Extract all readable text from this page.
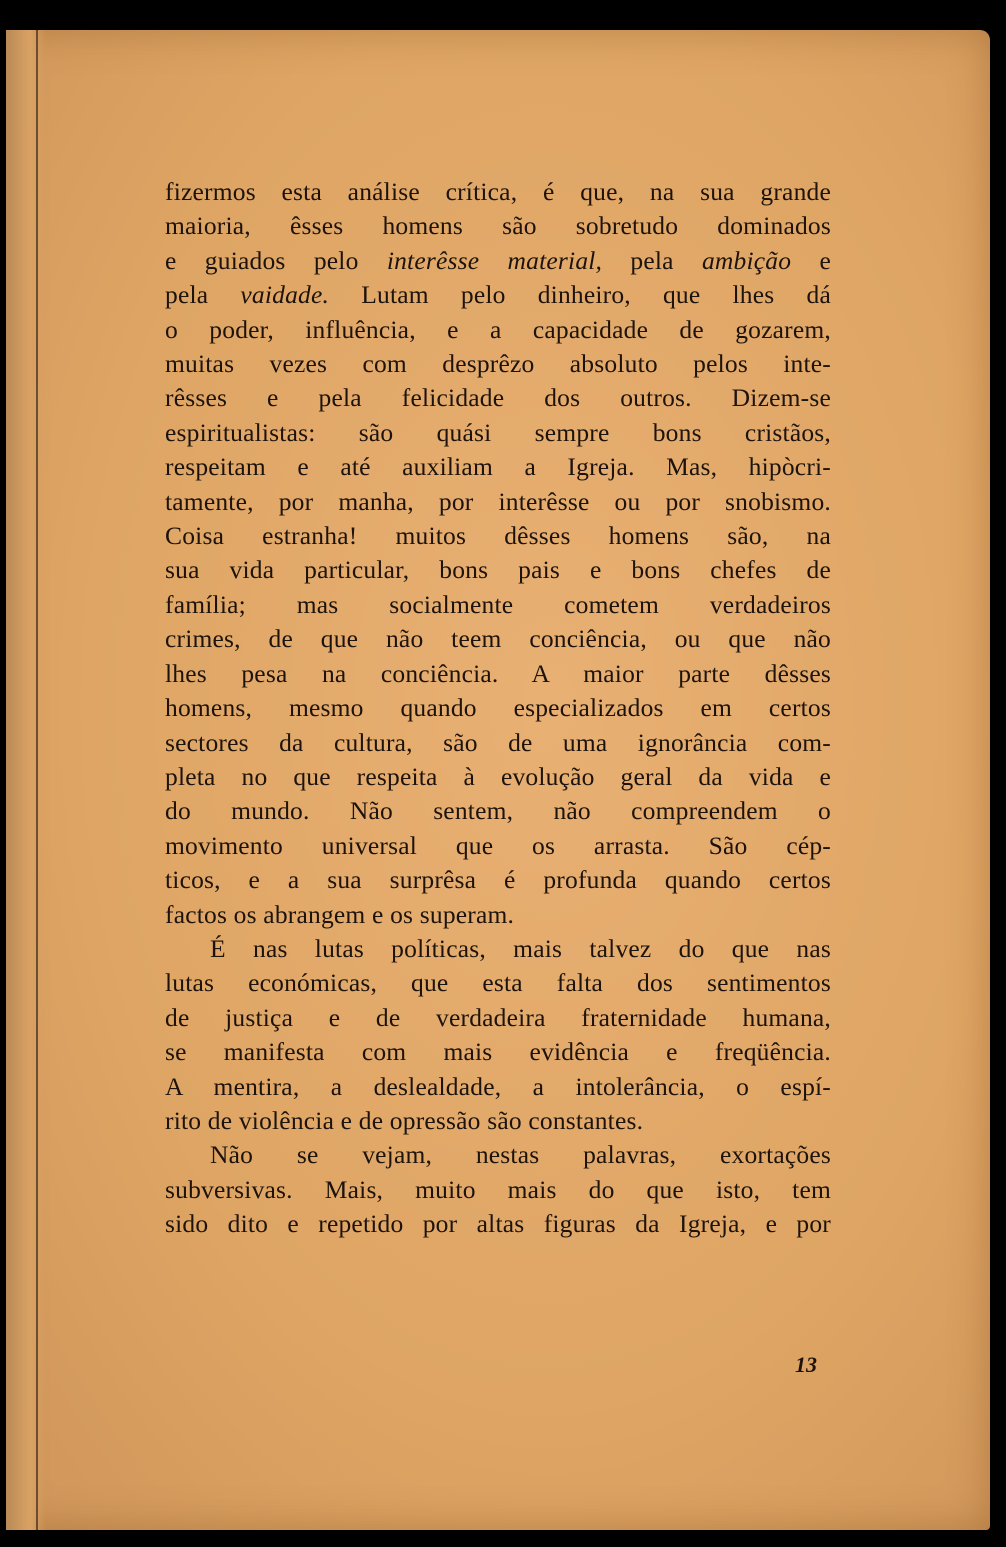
fizermos esta análise crítica, é que, na sua grande
maioria, êsses homens são sobretudo dominados
e guiados pelo interêsse material, pela ambição e
pela vaidade. Lutam pelo dinheiro, que lhes dá
o poder, influência, e a capacidade de gozarem,
muitas vezes com desprêzo absoluto pelos inte-
rêsses e pela felicidade dos outros. Dizem-se
espiritualistas: são quási sempre bons cristãos,
respeitam e até auxiliam a Igreja. Mas, hipòcri-
tamente, por manha, por interêsse ou por snobismo.
Coisa estranha! muitos dêsses homens são, na
sua vida particular, bons pais e bons chefes de
família; mas socialmente cometem verdadeiros
crimes, de que não teem conciência, ou que não
lhes pesa na conciência. A maior parte dêsses
homens, mesmo quando especializados em certos
sectores da cultura, são de uma ignorância com-
pleta no que respeita à evolução geral da vida e
do mundo. Não sentem, não compreendem o
movimento universal que os arrasta. São cép-
ticos, e a sua surprêsa é profunda quando certos
factos os abrangem e os superam.
É nas lutas políticas, mais talvez do que nas
lutas económicas, que esta falta dos sentimentos
de justiça e de verdadeira fraternidade humana,
se manifesta com mais evidência e freqüência.
A mentira, a deslealdade, a intolerância, o espí-
rito de violência e de opressão são constantes.
Não se vejam, nestas palavras, exortações
subversivas. Mais, muito mais do que isto, tem
sido dito e repetido por altas figuras da Igreja, e por
13
